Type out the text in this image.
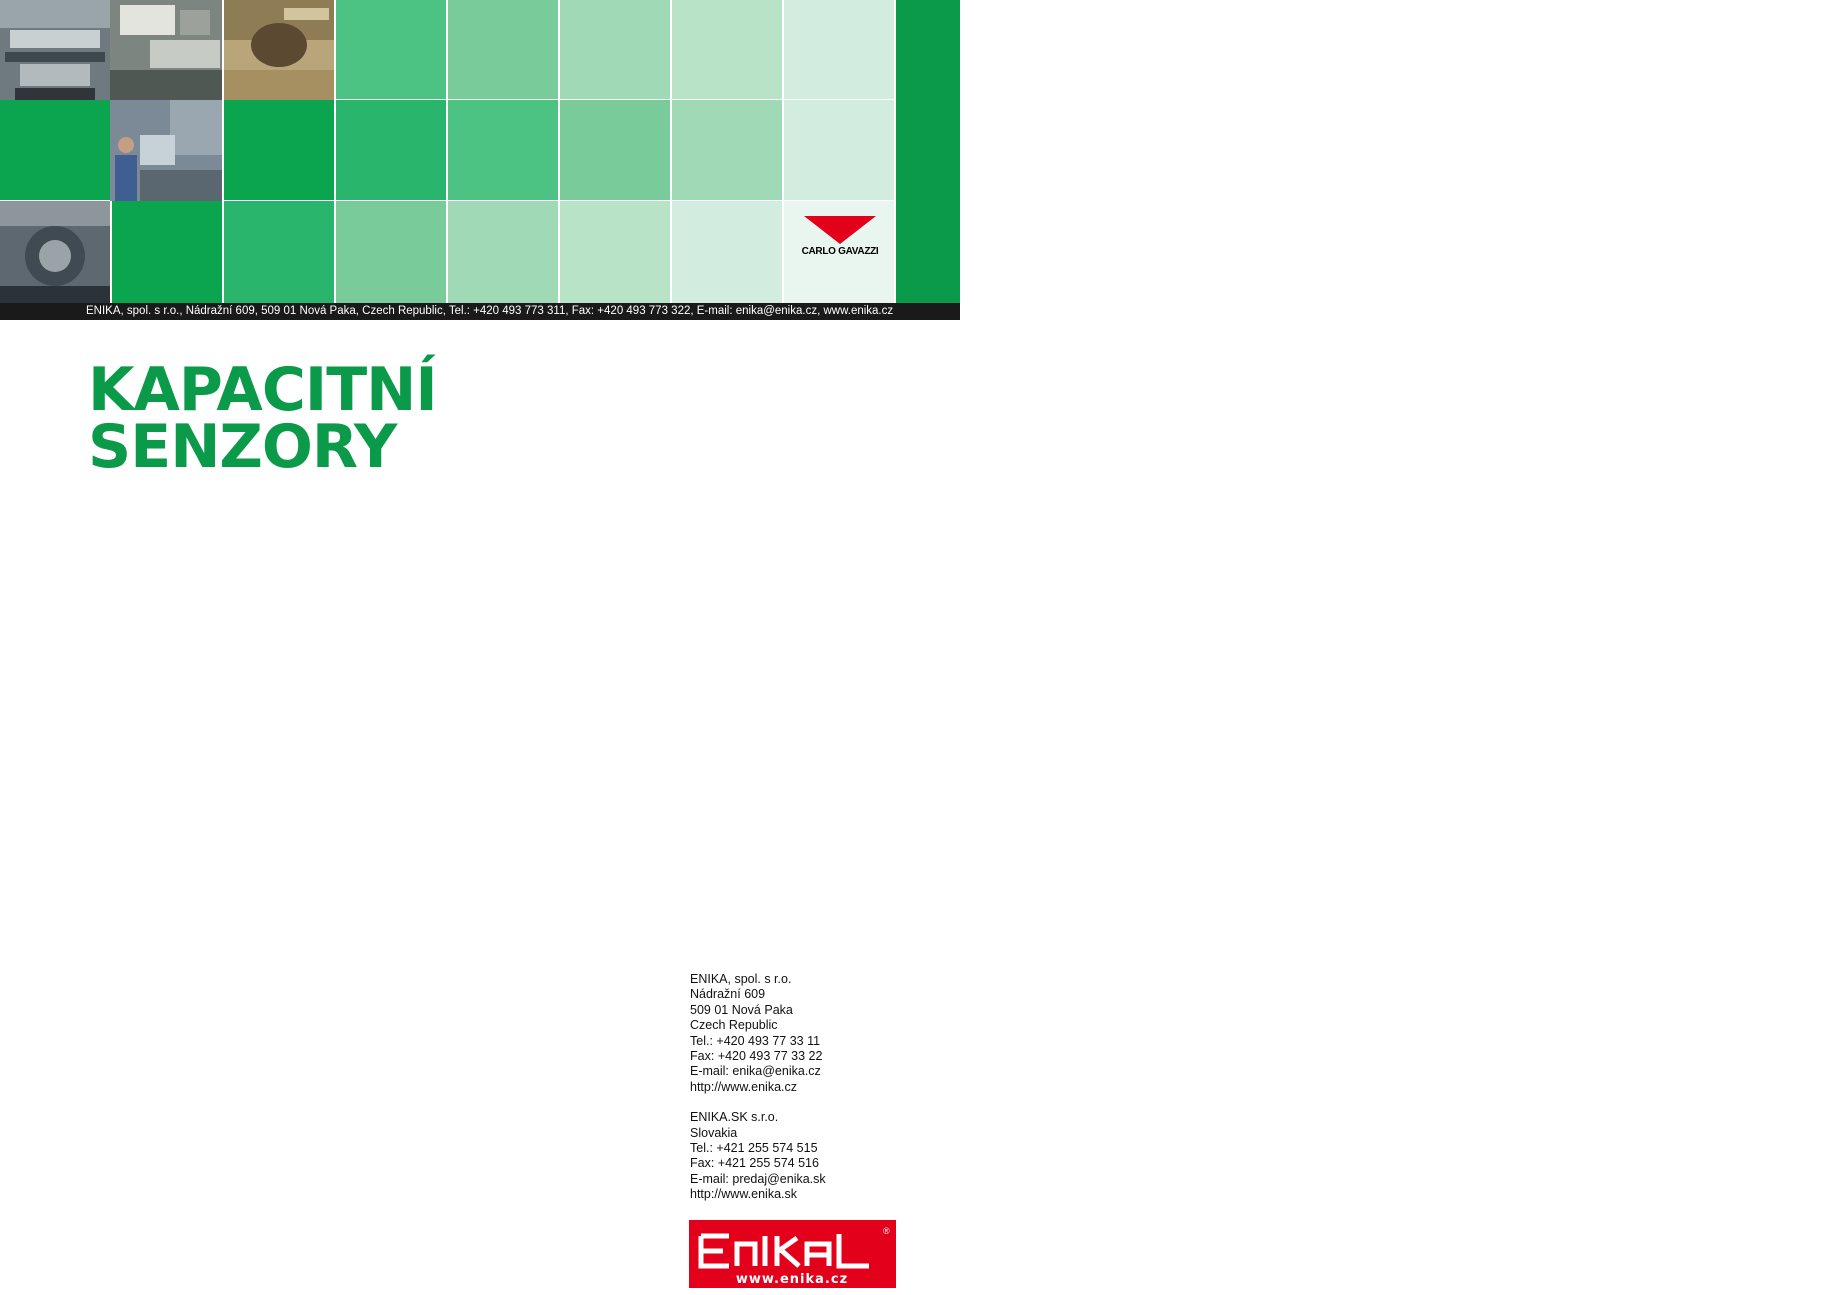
www.enika.cz
CARLO GAVAZZI
ENIKA, spol. s r.o., Nádražní 609, 509 01 Nová Paka, Czech Republic, Tel.: +420 493 773 311, Fax: +420 493 773 322, E-mail: enika@enika.cz, www.enika.cz
KAPACITNÍ
SENZORY
ENIKA, spol. s r.o.
Nádražní 609
509 01 Nová Paka
Czech Republic
Tel.: +420 493 77 33 11
Fax: +420 493 77 33 22
E-mail: enika@enika.cz
http://www.enika.cz
ENIKA.SK s.r.o.
Slovakia
Tel.: +421 255 574 515
Fax: +421 255 574 516
E-mail: predaj@enika.sk
http://www.enika.sk
®
www.enika.cz
